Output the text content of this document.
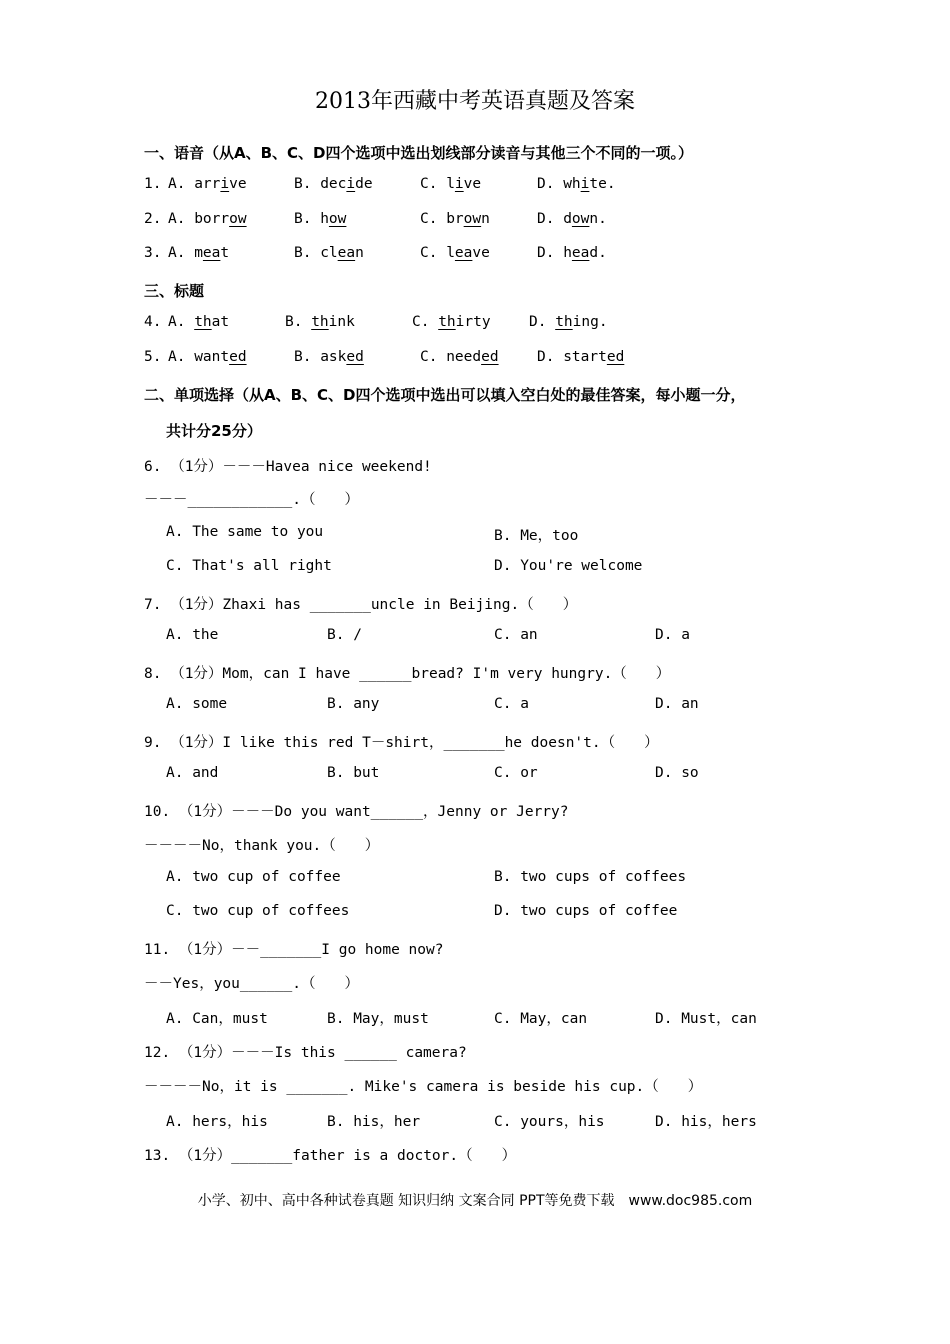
2013年西藏中考英语真题及答案
一、语音（从A、B、C、D四个选项中选出划线部分读音与其他三个不同的一项。）
1. A. arrive	B. decide	C. live	D. white.
2. A. borrow	B. how	C. brown	D. down.
3. A. meat	B. clean	C. leave	D. head.
4. A. that	B. think	C. thirty	D. thing.
5. A. wanted	B. asked	C. needed	D. started
三、标题
二、单项选择（从A、B、C、D四个选项中选出可以填入空白处的最佳答案，每小题一分，
共计分25分）
6. （1分）－－－Havea nice weekend!
－－－____________.（　　）
A. The same to you	B. Me，too
C. That's all right	D. You're welcome
7. （1分）Zhaxi has _______uncle in Beijing.（　　）
A. the	B. /	C. an	D. a
8. （1分）Mom，can I have ______bread? I'm very hungry.（　　）
A. some	B. any	C. a	D. an
9. （1分）I like this red T－shirt，_______he doesn't.（　　）
A. and	B. but	C. or	D. so
10. （1分）－－－Do you want______，Jenny or Jerry?
－－－－No，thank you.（　　）
A. two cup of coffee	B. two cups of coffees
C. two cup of coffees	D. two cups of coffee
11. （1分）－－_______I go home now?
－－Yes，you______.（　　）
A. Can，must	B. May，must	C. May，can	D. Must，can
12. （1分）－－－Is this ______ camera?
－－－－No，it is _______. Mike's camera is beside his cup.（　　）
A. hers，his	B. his，her	C. yours，his	D. his，hers
13. （1分）_______father is a doctor.（　　）
小学、初中、高中各种试卷真题 知识归纳 文案合同 PPT等免费下载　www.doc985.com
